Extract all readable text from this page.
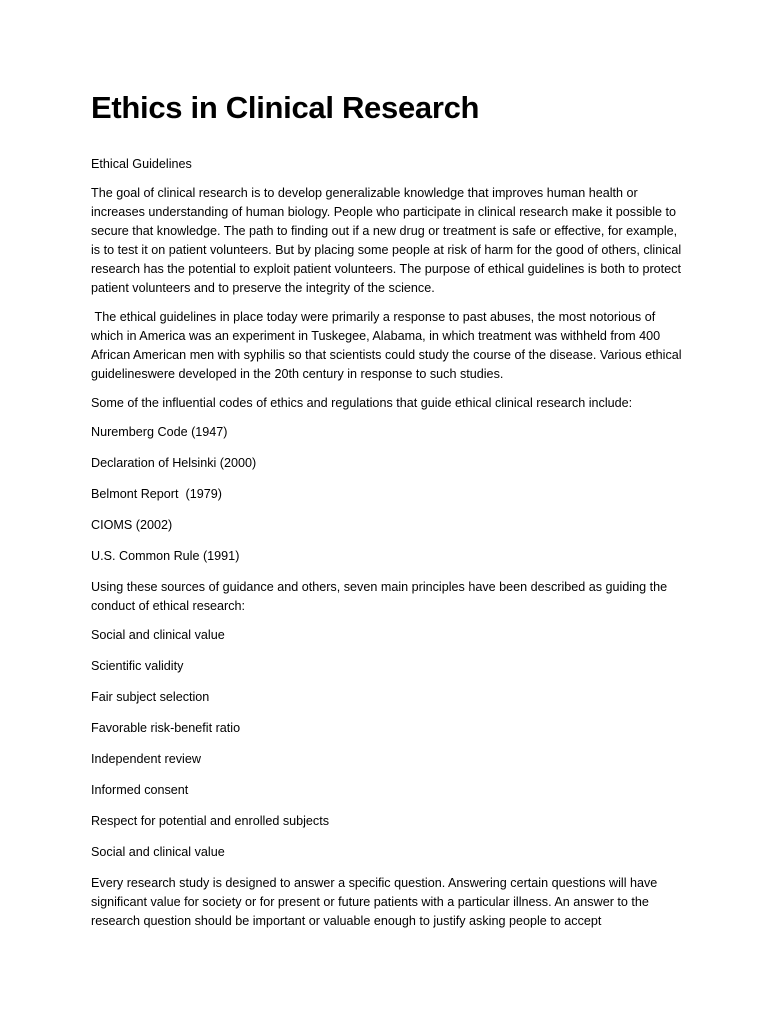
Ethics in Clinical Research

Ethical Guidelines

The goal of clinical research is to develop generalizable knowledge that improves human health or increases understanding of human biology. People who participate in clinical research make it possible to secure that knowledge. The path to finding out if a new drug or treatment is safe or effective, for example, is to test it on patient volunteers. But by placing some people at risk of harm for the good of others, clinical research has the potential to exploit patient volunteers. The purpose of ethical guidelines is both to protect patient volunteers and to preserve the integrity of the science.

The ethical guidelines in place today were primarily a response to past abuses, the most notorious of which in America was an experiment in Tuskegee, Alabama, in which treatment was withheld from 400 African American men with syphilis so that scientists could study the course of the disease. Various ethical guidelineswere developed in the 20th century in response to such studies.

Some of the influential codes of ethics and regulations that guide ethical clinical research include:

Nuremberg Code (1947)

Declaration of Helsinki (2000)

Belmont Report  (1979)

CIOMS (2002)

U.S. Common Rule (1991)

Using these sources of guidance and others, seven main principles have been described as guiding the conduct of ethical research:

Social and clinical value

Scientific validity

Fair subject selection

Favorable risk-benefit ratio

Independent review

Informed consent

Respect for potential and enrolled subjects

Social and clinical value

Every research study is designed to answer a specific question. Answering certain questions will have significant value for society or for present or future patients with a particular illness. An answer to the research question should be important or valuable enough to justify asking people to accept
